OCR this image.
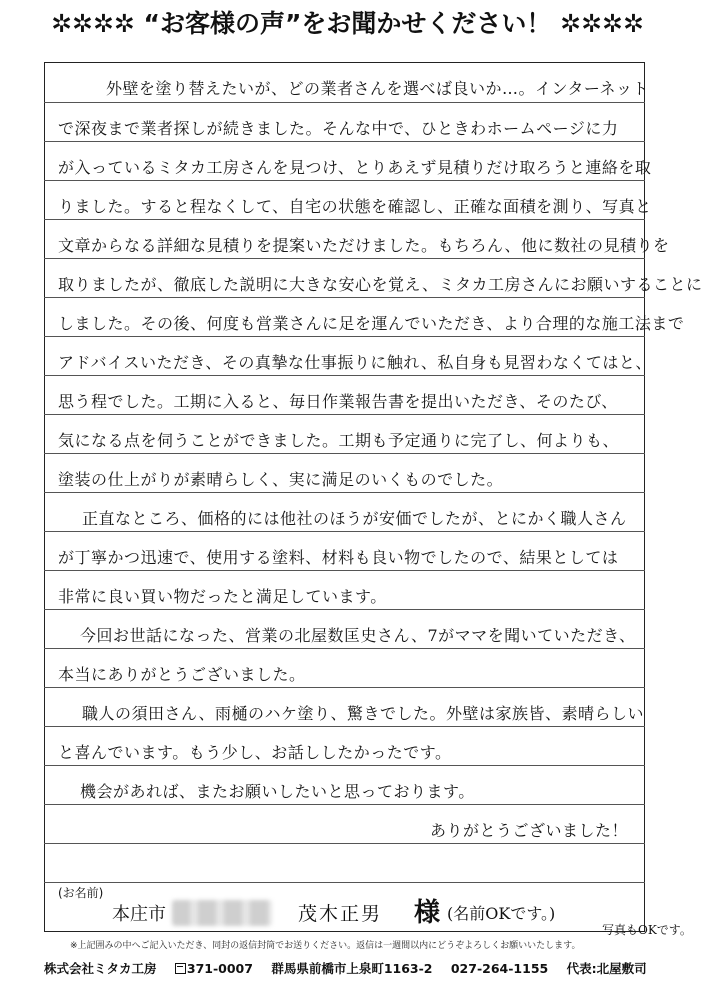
✲✲✲✲ “お客様の声”をお聞かせください！ ✲✲✲✲
外壁を塗り替えたいが、どの業者さんを選べば良いか…。インターネット
で深夜まで業者探しが続きました。そんな中で、ひときわホームページに力
が入っているミタカ工房さんを見つけ、とりあえず見積りだけ取ろうと連絡を取
りました。すると程なくして、自宅の状態を確認し、正確な面積を測り、写真と
文章からなる詳細な見積りを提案いただけました。もちろん、他に数社の見積りを
取りましたが、徹底した説明に大きな安心を覚え、ミタカ工房さんにお願いすることに
しました。その後、何度も営業さんに足を運んでいただき、より合理的な施工法まで
アドバイスいただき、その真摯な仕事振りに触れ、私自身も見習わなくてはと、
思う程でした。工期に入ると、毎日作業報告書を提出いただき、そのたび、
気になる点を伺うことができました。工期も予定通りに完了し、何よりも、
塗装の仕上がりが素晴らしく、実に満足のいくものでした。
正直なところ、価格的には他社のほうが安価でしたが、とにかく職人さん
が丁寧かつ迅速で、使用する塗料、材料も良い物でしたので、結果としては
非常に良い買い物だったと満足しています。
今回お世話になった、営業の北屋数匡史さん、7がママを聞いていただき、
本当にありがとうございました。
職人の須田さん、雨樋のハケ塗り、驚きでした。外壁は家族皆、素晴らしい
と喜んでいます。もう少し、お話ししたかったです。
機会があれば、またお願いしたいと思っております。
ありがとうございました！
(お名前)
本庄市	茂木正男 様 (名前OKです。)
写真もOKです。
※上記囲みの中へご記入いただき、同封の返信封筒でお送りください。返信は一週間以内にどうぞよろしくお願いいたします。
株式会社ミタカ工房 371-0007 群馬県前橋市上泉町1163-2 027-264-1155 代表:北屋敷司
